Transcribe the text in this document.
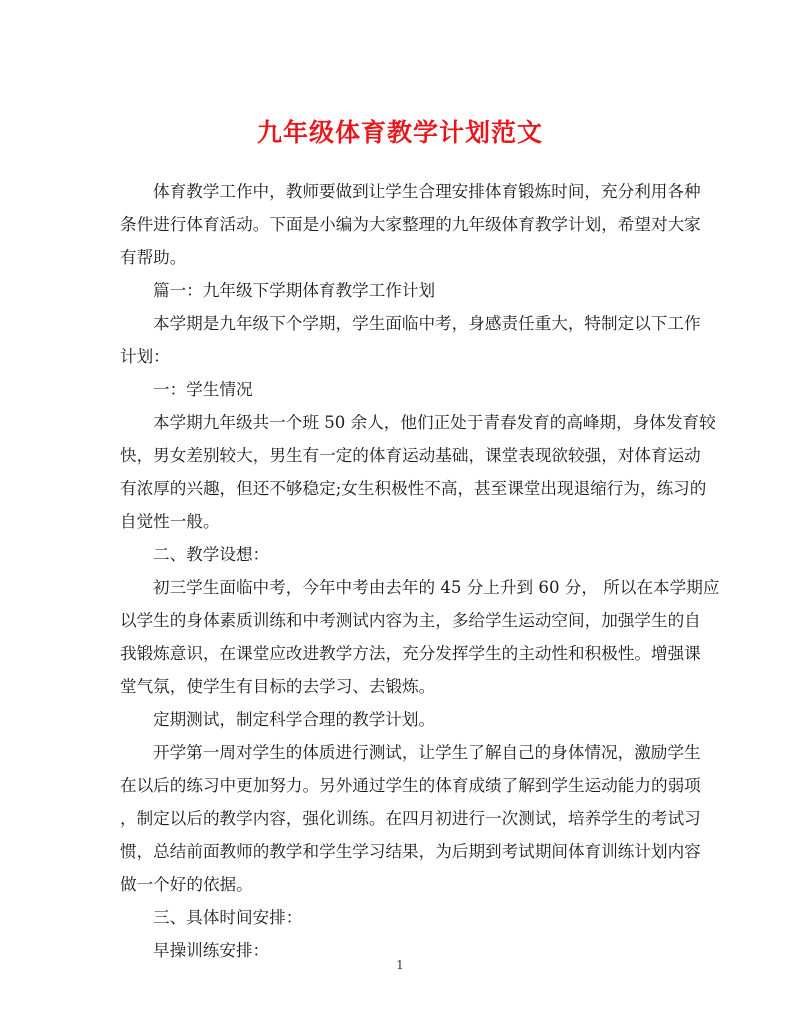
九年级体育教学计划范文
体育教学工作中，教师要做到让学生合理安排体育锻炼时间，充分利用各种
条件进行体育活动。下面是小编为大家整理的九年级体育教学计划，希望对大家
有帮助。
篇一：九年级下学期体育教学工作计划
本学期是九年级下个学期，学生面临中考，身感责任重大，特制定以下工作
计划：
一：学生情况
本学期九年级共一个班 50 余人，他们正处于青春发育的高峰期，身体发育较
快，男女差别较大，男生有一定的体育运动基础，课堂表现欲较强，对体育运动
有浓厚的兴趣，但还不够稳定;女生积极性不高，甚至课堂出现退缩行为，练习的
自觉性一般。
二、教学设想：
初三学生面临中考，今年中考由去年的 45 分上升到 60 分， 所以在本学期应
以学生的身体素质训练和中考测试内容为主，多给学生运动空间，加强学生的自
我锻炼意识，在课堂应改进教学方法，充分发挥学生的主动性和积极性。增强课
堂气氛，使学生有目标的去学习、去锻炼。
定期测试，制定科学合理的教学计划。
开学第一周对学生的体质进行测试，让学生了解自己的身体情况，激励学生
在以后的练习中更加努力。另外通过学生的体育成绩了解到学生运动能力的弱项
，制定以后的教学内容，强化训练。在四月初进行一次测试，培养学生的考试习
惯，总结前面教师的教学和学生学习结果，为后期到考试期间体育训练计划内容
做一个好的依据。
三、具体时间安排：
早操训练安排：
1
